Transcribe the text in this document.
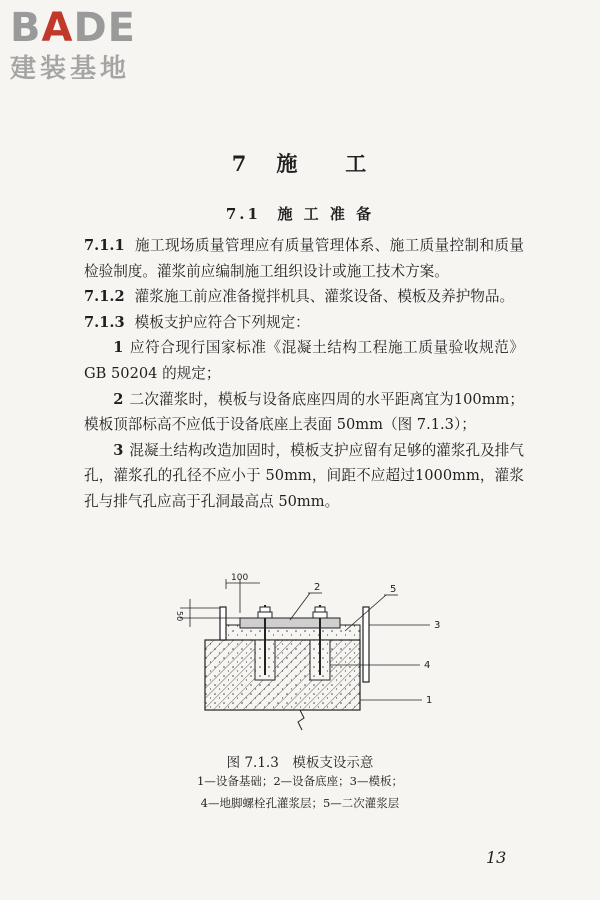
BADE
建装基地
7 施　　工
7.1 施 工 准 备

7.1.1 施工现场质量管理应有质量管理体系、施工质量控制和质量检验制度。灌浆前应编制施工组织设计或施工技术方案。

7.1.2 灌浆施工前应准备搅拌机具、灌浆设备、模板及养护物品。

7.1.3 模板支护应符合下列规定：

1 应符合现行国家标准《混凝土结构工程施工质量验收规范》GB 50204 的规定；

2 二次灌浆时，模板与设备底座四周的水平距离宜为100mm；模板顶部标高不应低于设备底座上表面 50mm（图 7.1.3）；

3 混凝土结构改造加固时，模板支护应留有足够的灌浆孔及排气孔，灌浆孔的孔径不应小于 50mm，间距不应超过1000mm，灌浆孔与排气孔应高于孔洞最高点 50mm。

100
50
2	5
3
4
1
图 7.1.3　模板支设示意
1—设备基础；2—设备底座；3—模板；
4—地脚螺栓孔灌浆层；5—二次灌浆层
13
